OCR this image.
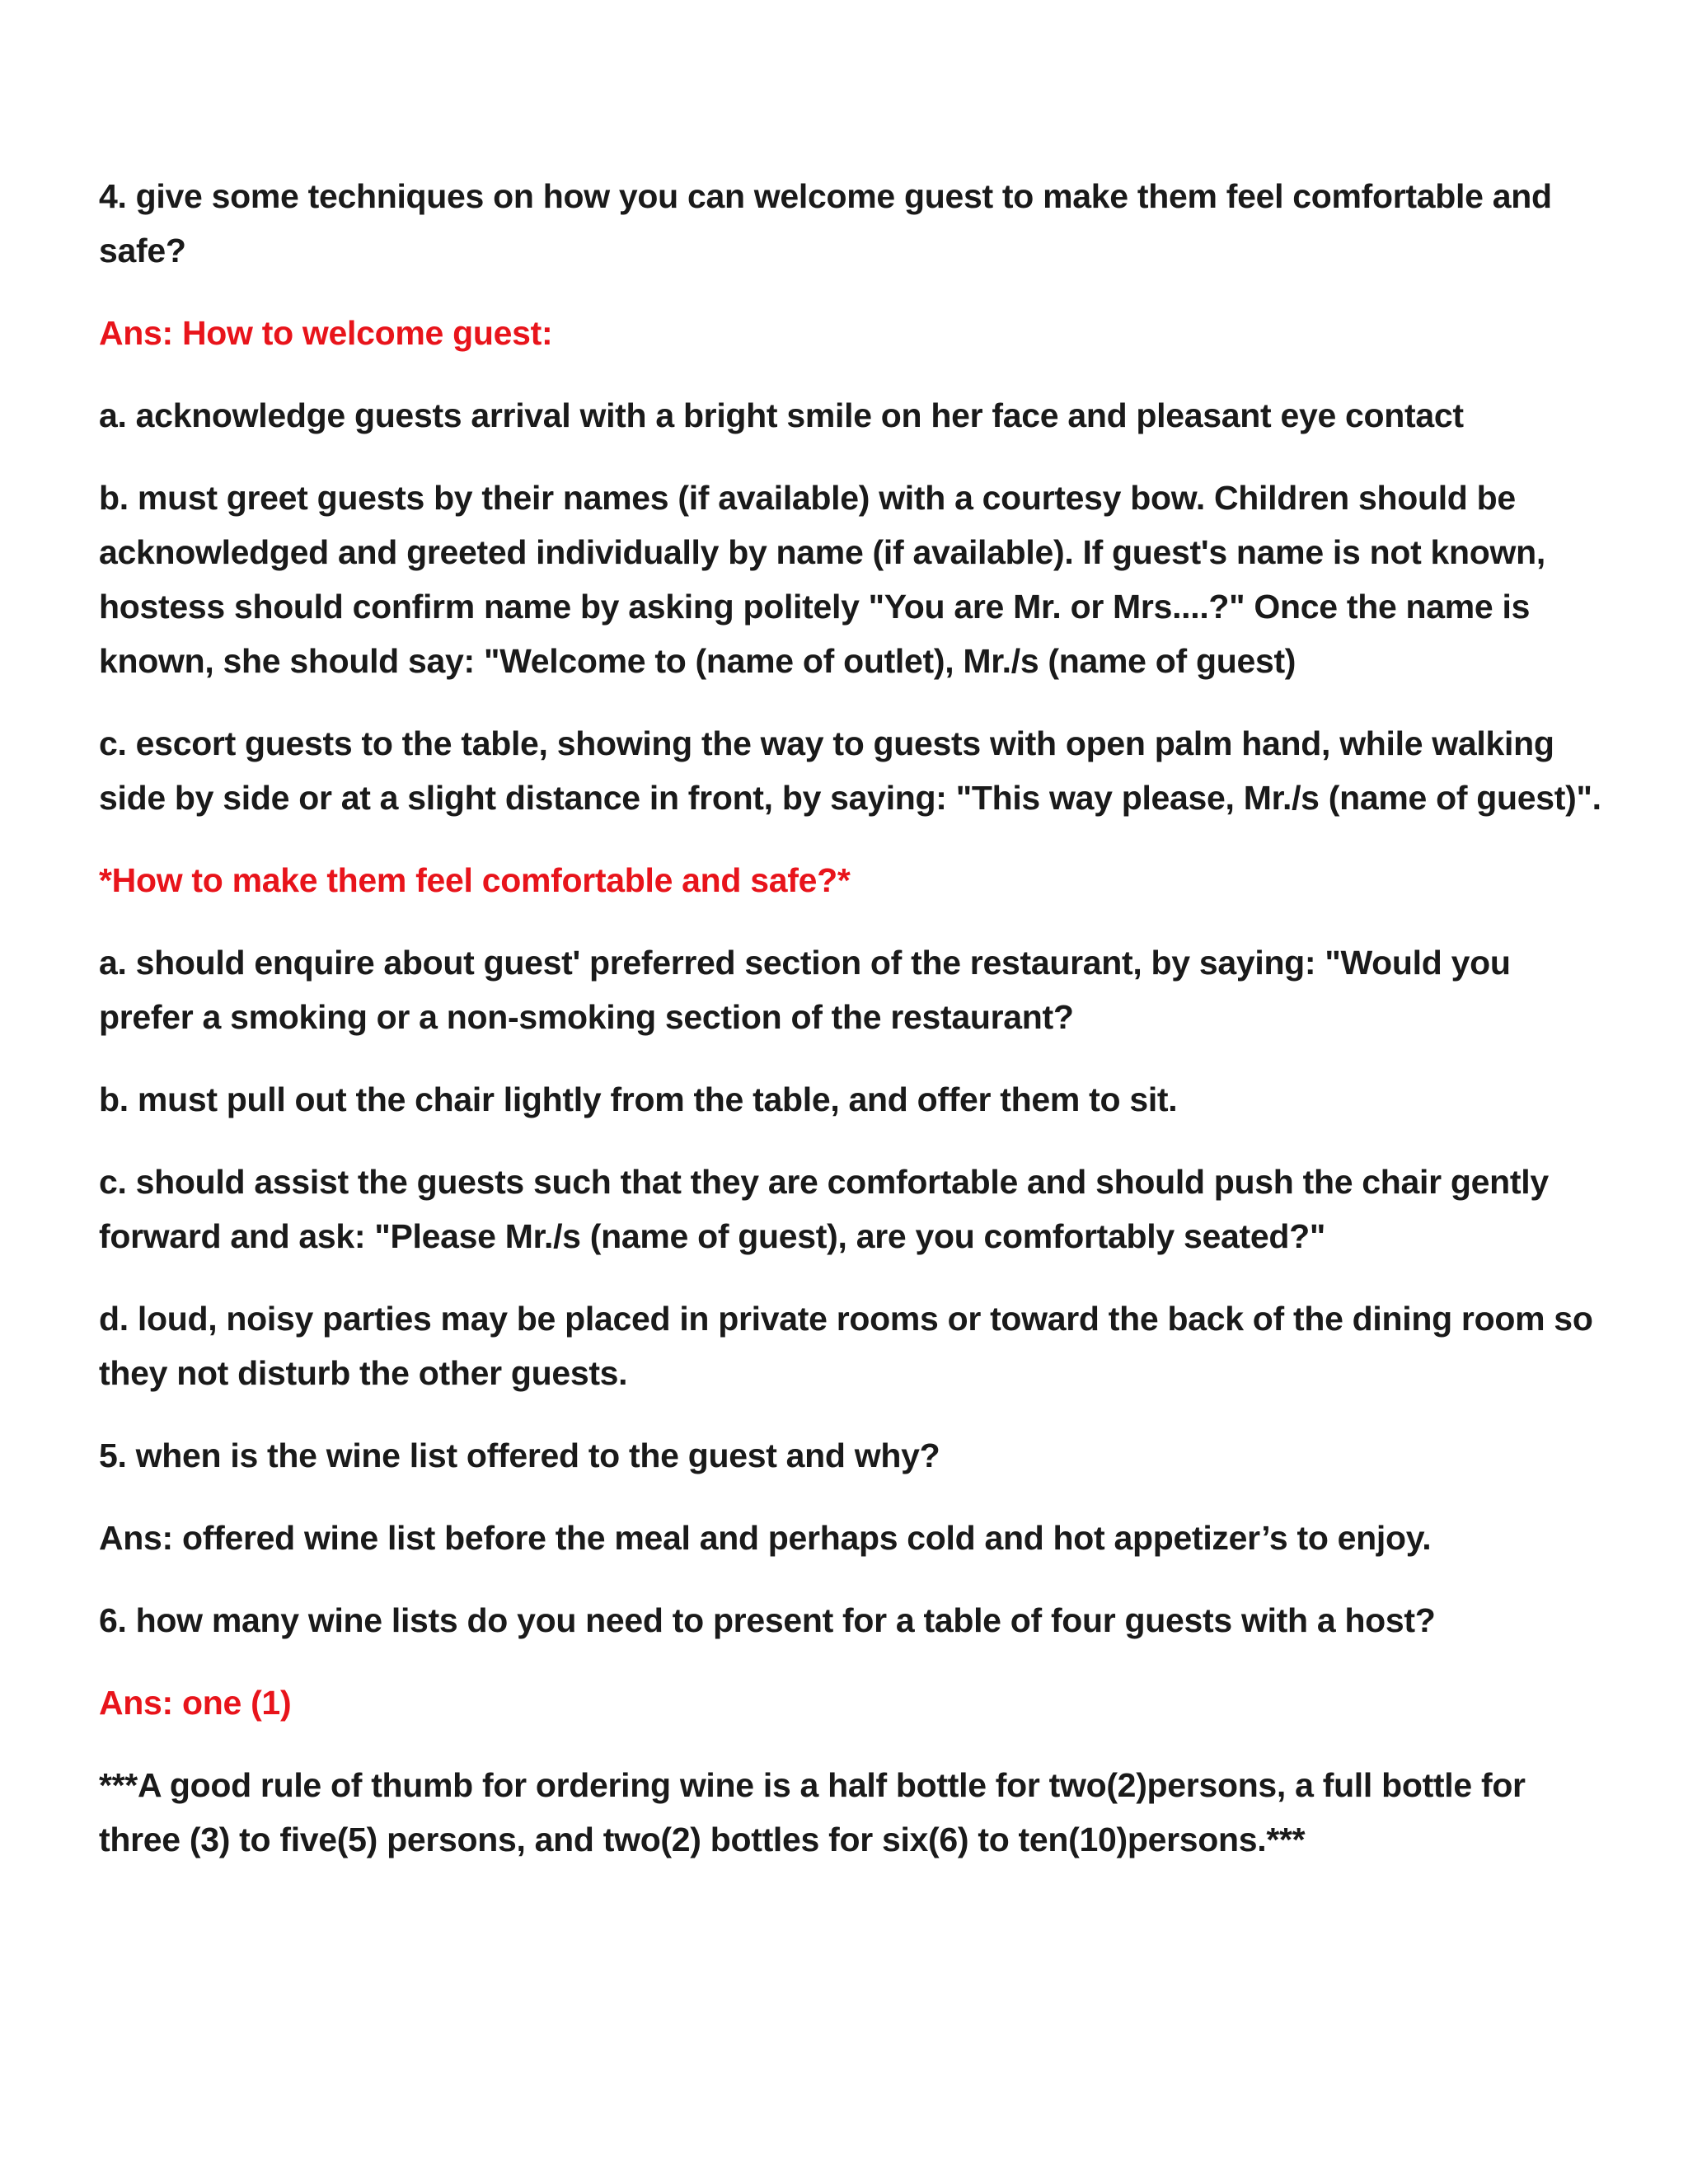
4. give some techniques on how you can welcome guest to make them feel comfortable and safe?

Ans: How to welcome guest:

a. acknowledge guests arrival with a bright smile on her face and pleasant eye contact

b. must greet guests by their names (if available) with a courtesy bow. Children should be acknowledged and greeted individually by name (if available). If guest's name is not known, hostess should confirm name by asking politely "You are Mr. or Mrs....?" Once the name is known, she should say: "Welcome to (name of outlet), Mr./s (name of guest)

c. escort guests to the table, showing the way to guests with open palm hand, while walking side by side or at a slight distance in front, by saying: "This way please, Mr./s (name of guest)".

*How to make them feel comfortable and safe?*

a. should enquire about guest' preferred section of the restaurant, by saying: "Would you prefer a smoking or a non-smoking section of the restaurant?

b. must pull out the chair lightly from the table, and offer them to sit.

c. should assist the guests such that they are comfortable and should push the chair gently forward and ask: "Please Mr./s (name of guest), are you comfortably seated?"

d. loud, noisy parties may be placed in private rooms or toward the back of the dining room so they not disturb the other guests.

5. when is the wine list offered to the guest and why?

Ans: offered wine list before the meal and perhaps cold and hot appetizer’s to enjoy.

6. how many wine lists do you need to present for a table of four guests with a host?

Ans: one (1)

***A good rule of thumb for ordering wine is a half bottle for two(2)persons, a full bottle for three (3) to five(5) persons, and two(2) bottles for six(6) to ten(10)persons.***
